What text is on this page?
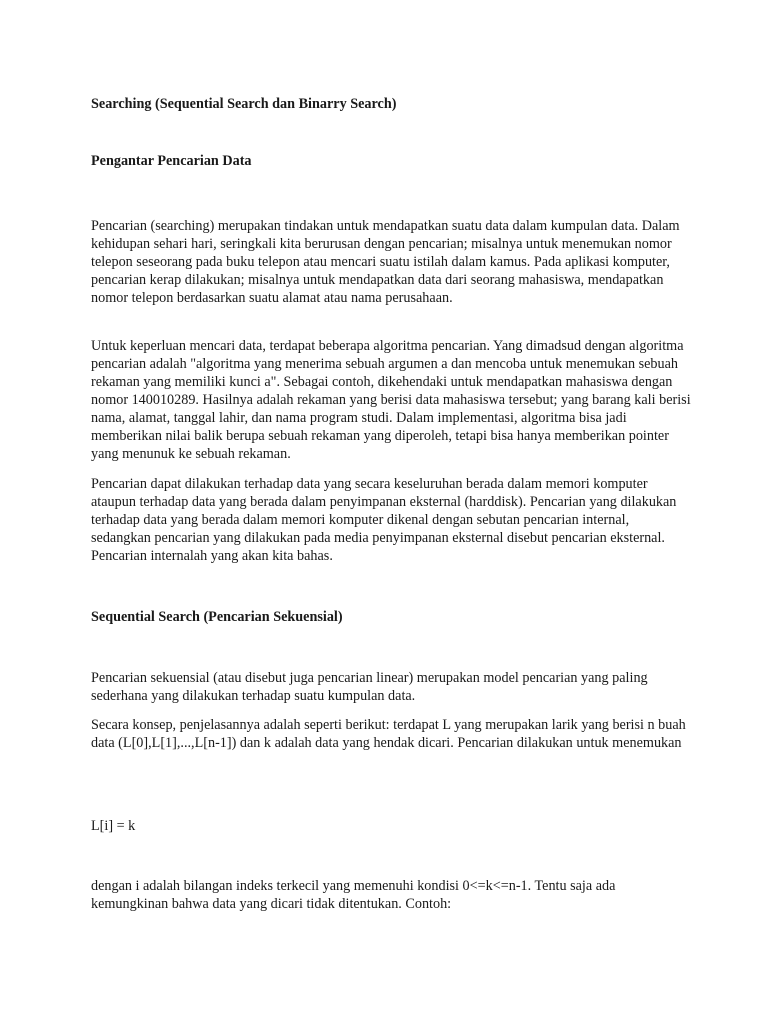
Searching (Sequential Search dan Binarry Search)

Pengantar Pencarian Data

Pencarian (searching) merupakan tindakan untuk mendapatkan suatu data dalam kumpulan data. Dalam kehidupan sehari hari, seringkali kita berurusan dengan pencarian; misalnya untuk menemukan nomor telepon seseorang pada buku telepon atau mencari suatu istilah dalam kamus. Pada aplikasi komputer, pencarian kerap dilakukan; misalnya untuk mendapatkan data dari seorang mahasiswa, mendapatkan nomor telepon berdasarkan suatu alamat atau nama perusahaan.

Untuk keperluan mencari data, terdapat beberapa algoritma pencarian. Yang dimadsud dengan algoritma pencarian adalah "algoritma yang menerima sebuah argumen a dan mencoba untuk menemukan sebuah rekaman yang memiliki kunci a". Sebagai contoh, dikehendaki untuk mendapatkan mahasiswa dengan nomor 140010289. Hasilnya adalah rekaman yang berisi data mahasiswa tersebut; yang barang kali berisi nama, alamat, tanggal lahir, dan nama program studi. Dalam implementasi, algoritma bisa jadi memberikan nilai balik berupa sebuah rekaman yang diperoleh, tetapi bisa hanya memberikan pointer yang menunuk ke sebuah rekaman.

Pencarian dapat dilakukan terhadap data yang secara keseluruhan berada dalam memori komputer ataupun terhadap data yang berada dalam penyimpanan eksternal (harddisk). Pencarian yang dilakukan terhadap data yang berada dalam memori komputer dikenal dengan sebutan pencarian internal, sedangkan pencarian yang dilakukan pada media penyimpanan eksternal disebut pencarian eksternal. Pencarian internalah yang akan kita bahas.

Sequential Search (Pencarian Sekuensial)

Pencarian sekuensial (atau disebut juga pencarian linear) merupakan model pencarian yang paling sederhana yang dilakukan terhadap suatu kumpulan data.

Secara konsep, penjelasannya adalah seperti berikut: terdapat L yang merupakan larik yang berisi n buah data (L[0],L[1],...,L[n-1]) dan k adalah data yang hendak dicari. Pencarian dilakukan untuk menemukan

L[i] = k

dengan i adalah bilangan indeks terkecil yang memenuhi kondisi 0<=k<=n-1. Tentu saja ada kemungkinan bahwa data yang dicari tidak ditentukan. Contoh:
